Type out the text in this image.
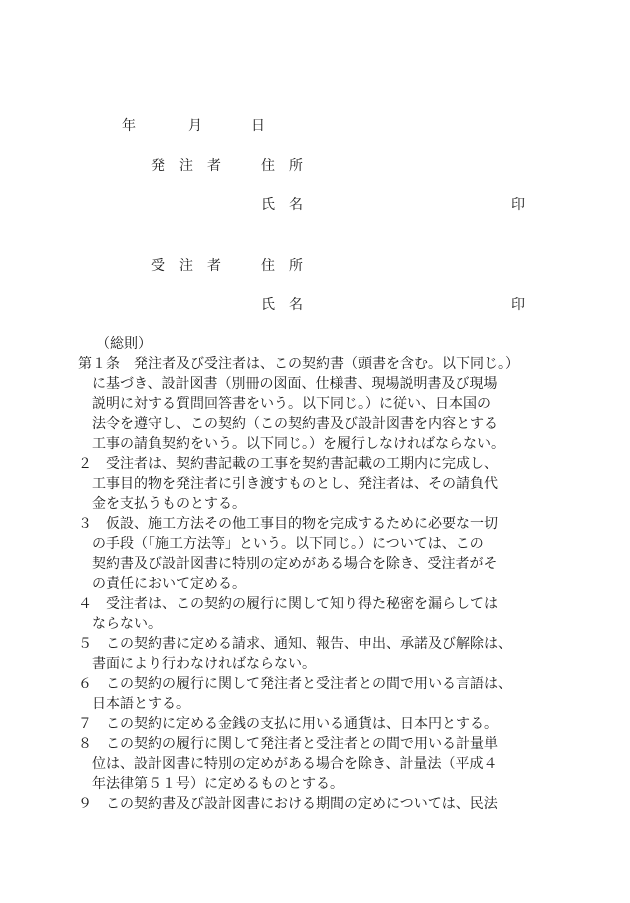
年	月	日
発注者 住所
氏名	印
受注者 住所
氏名	印
（総則）
第１条　発注者及び受注者は、この契約書（頭書を含む。以下同じ。）
に基づき、設計図書（別冊の図面、仕様書、現場説明書及び現場
説明に対する質問回答書をいう。以下同じ。）に従い、日本国の
法令を遵守し、この契約（この契約書及び設計図書を内容とする
工事の請負契約をいう。以下同じ。）を履行しなければならない。
２　受注者は、契約書記載の工事を契約書記載の工期内に完成し、
工事目的物を発注者に引き渡すものとし、発注者は、その請負代
金を支払うものとする。
３　仮設、施工方法その他工事目的物を完成するために必要な一切
の手段（「施工方法等」という。以下同じ。）については、この
契約書及び設計図書に特別の定めがある場合を除き、受注者がそ
の責任において定める。
４　受注者は、この契約の履行に関して知り得た秘密を漏らしては
ならない。
５　この契約書に定める請求、通知、報告、申出、承諾及び解除は、
書面により行わなければならない。
６　この契約の履行に関して発注者と受注者との間で用いる言語は、
日本語とする。
７　この契約に定める金銭の支払に用いる通貨は、日本円とする。
８　この契約の履行に関して発注者と受注者との間で用いる計量単
位は、設計図書に特別の定めがある場合を除き、計量法（平成４
年法律第５１号）に定めるものとする。
９　この契約書及び設計図書における期間の定めについては、民法
